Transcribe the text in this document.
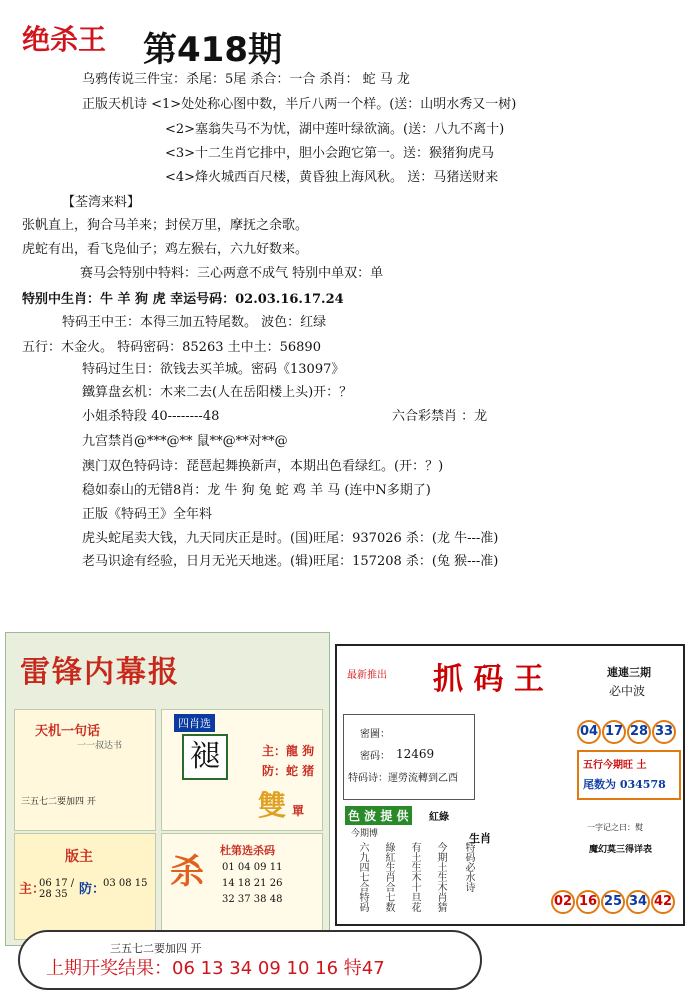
绝杀王 第418期
乌鸦传说三件宝：杀尾：5尾 杀合：一合 杀肖： 蛇 马 龙
正版天机诗 <1>处处称心图中数，半斤八两一个样。(送：山明水秀又一树)
<2>塞翁失马不为忧，湖中莲叶绿欲滴。(送：八九不离十)
<3>十二生肖它排中，胆小会跑它第一。送：猴猪狗虎马
<4>烽火城西百尺楼，黄昏独上海风秋。 送：马猪送财来
【荃湾来料】
张帆直上，狗合马羊来；封侯万里，摩抚之余歌。
虎蛇有出，看飞凫仙子；鸡左猴右，六九好数来。
赛马会特别中特料：三心两意不成气 特别中单双：单
特别中生肖：牛 羊 狗 虎 幸运号码：02.03.16.17.24
特码王中王：本得三加五特尾数。 波色：红绿
五行：木金火。 特码密码：85263 土中土：56890
特码过生日：欲钱去买羊城。密码《13097》
鐵算盘玄机：木来二去(人在岳阳楼上头)开：？
小姐杀特段 40--------48	六合彩禁肖 ：龙
九宫禁肖@***@** 鼠**@**对**@
澳门双色特码诗：琵琶起舞换新声，本期出色看绿红。(开：？)
稳如泰山的无错8肖：龙 牛 狗 兔 蛇 鸡 羊 马 (连中N多期了)
正版《特码王》全年料
虎头蛇尾卖大钱，九天同庆正是时。(国)旺尾：937026 杀：(龙 牛---准)
老马识途有经验，日月无光天地迷。(辑)旺尾：157208 杀：(兔 猴---准)
雷锋内幕报
天机一句话
一一叔达书
三五七二要加四 开
四肖选
褪	主： 龍 狗
防： 蛇 猪
雙 單
版主
主：
06 17 / 28 35 防：
03 08 15 杀
杜第选杀码
01 04 09 11
14 18 21 26
32 37 38 48
最新推出 抓 码 王	連連三期
必中波
密圖：
12469
密码：
特码诗： 運勞流轉到乙酉
04 17 28 33
五行今期旺 土
尾数为 034578
色 波 提 供	紅綠
今期博
六九四七合特码 綠紅生肖合七数 有土生木十旦花 今期土生木肖猜 特码必水诗
生肖
一字记之曰：熨
魔幻莫三得详表
02 16 25 34 42
三五七二要加四 开
上期开奖结果：06 13 34 09 10 16 特47
